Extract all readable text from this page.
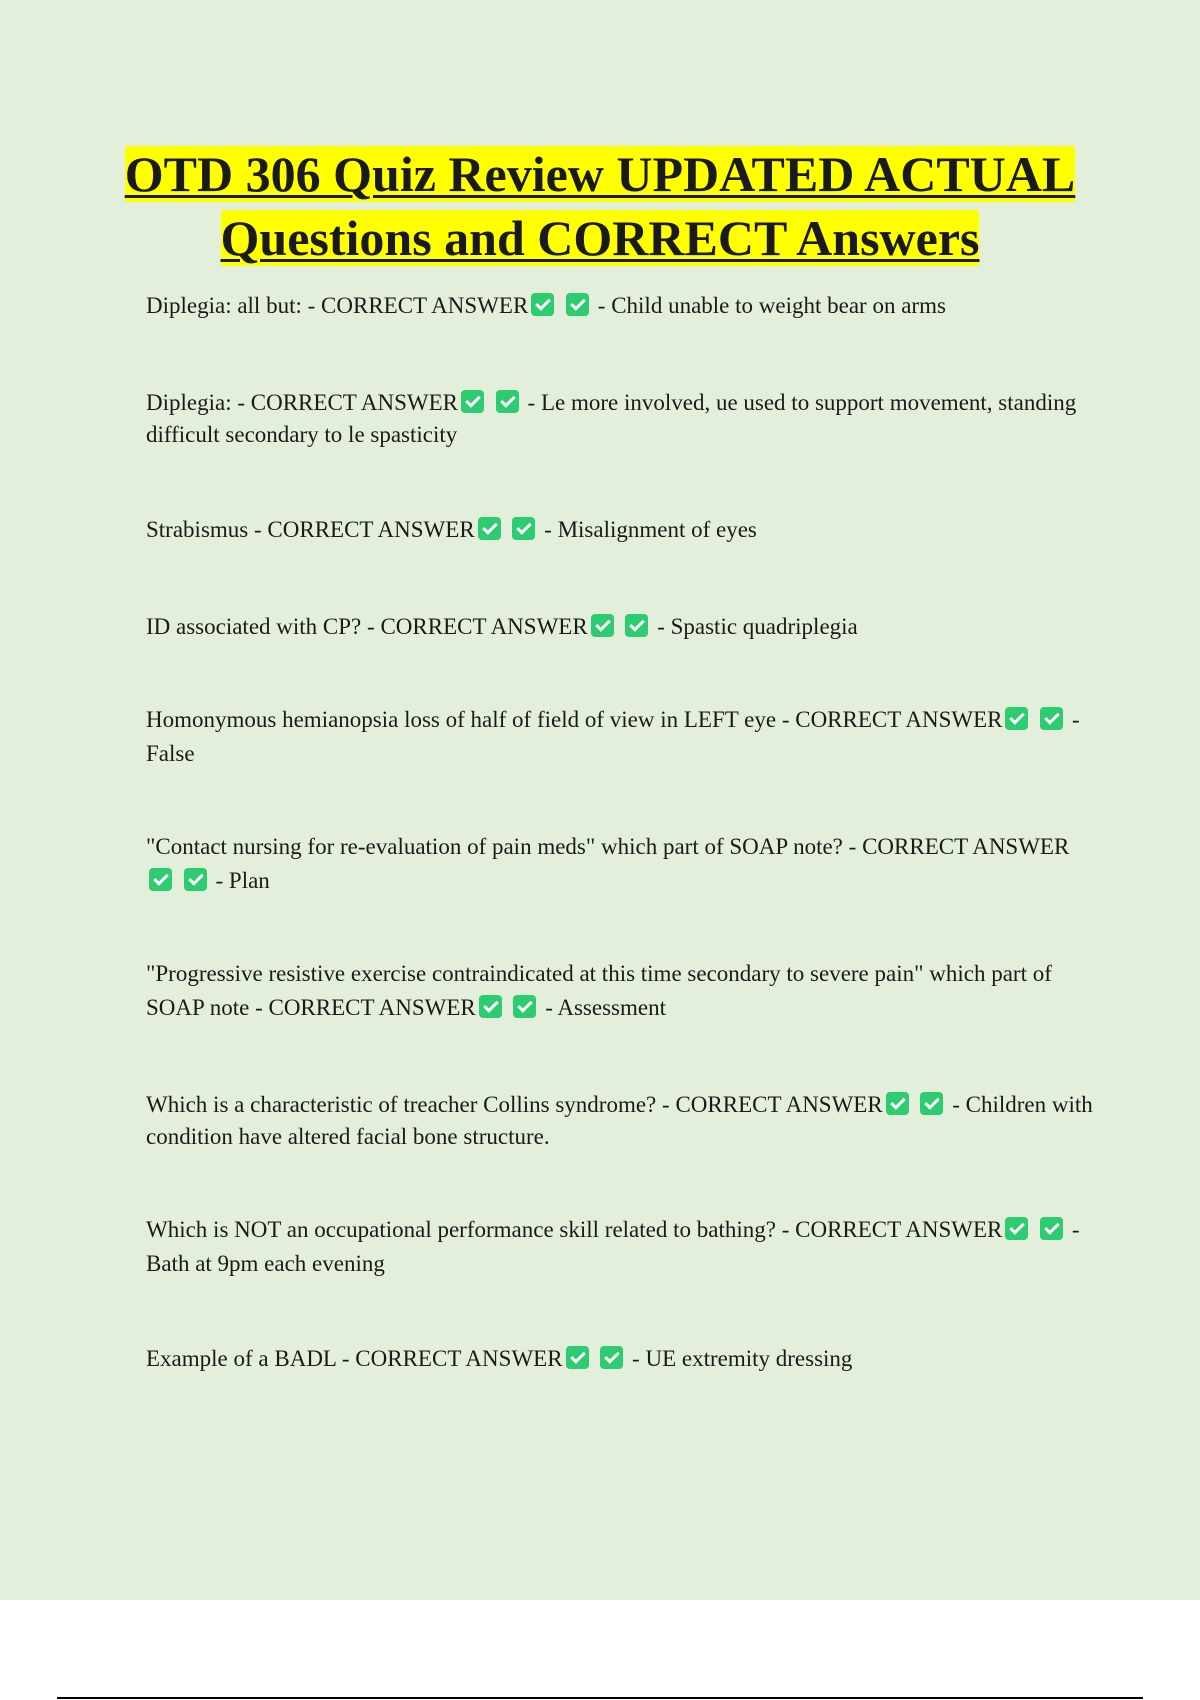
OTD 306 Quiz Review UPDATED ACTUAL
Questions and CORRECT Answers
Diplegia: all but: - CORRECT ANSWER	- Child unable to weight bear on arms
Diplegia: - CORRECT ANSWER	- Le more involved, ue used to support movement, standing difficult secondary to le spasticity
Strabismus - CORRECT ANSWER	- Misalignment of eyes
ID associated with CP? - CORRECT ANSWER	- Spastic quadriplegia
Homonymous hemianopsia loss of half of field of view in LEFT eye - CORRECT ANSWER	- False
"Contact nursing for re-evaluation of pain meds" which part of SOAP note? - CORRECT ANSWER  - Plan
"Progressive resistive exercise contraindicated at this time secondary to severe pain" which part of SOAP note - CORRECT ANSWER	- Assessment
Which is a characteristic of treacher Collins syndrome? - CORRECT ANSWER	- Children with condition have altered facial bone structure.
Which is NOT an occupational performance skill related to bathing? - CORRECT ANSWER	- Bath at 9pm each evening
Example of a BADL - CORRECT ANSWER	- UE extremity dressing
